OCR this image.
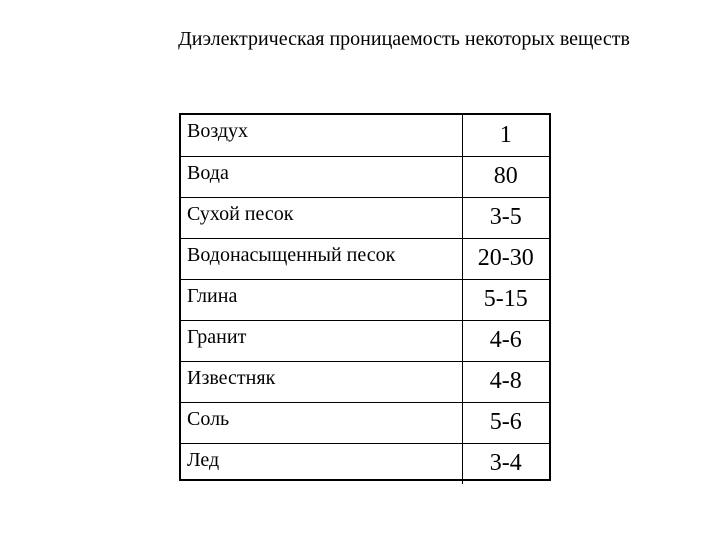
Диэлектрическая проницаемость некоторых веществ
Воздух	1
Вода	80
Сухой песок	3-5
Водонасыщенный песок	20-30
Глина	5-15
Гранит	4-6
Известняк	4-8
Соль	5-6
Лед	3-4
